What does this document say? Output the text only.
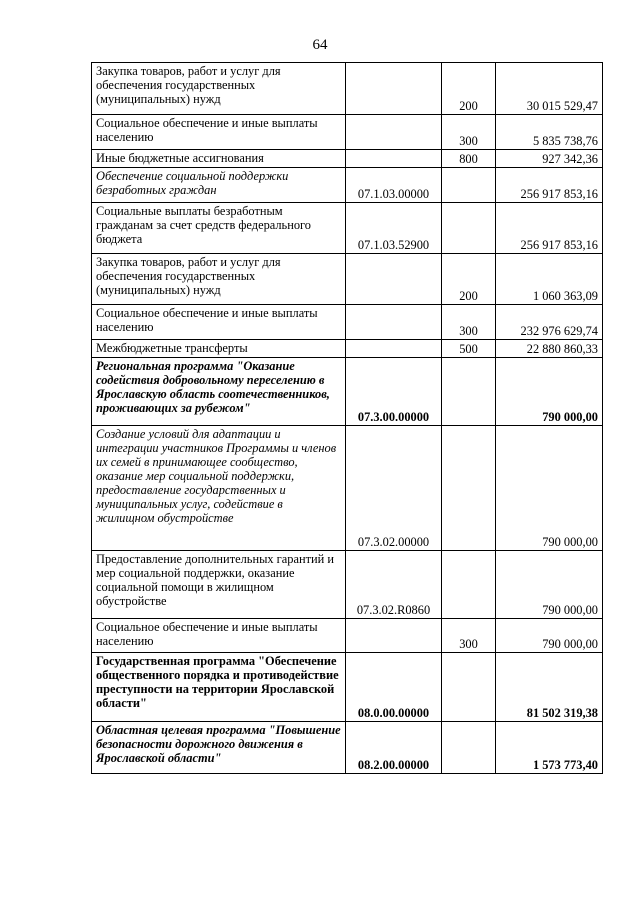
64
Закупка товаров, работ и услуг для обеспечения государственных (муниципальных) нужд		200	30 015 529,47
Социальное обеспечение и иные выплаты населению		300	5 835 738,76
Иные бюджетные ассигнования		800	927 342,36
Обеспечение социальной поддержки безработных граждан	07.1.03.00000		256 917 853,16
Социальные выплаты безработным гражданам за счет средств федерального бюджета	07.1.03.52900		256 917 853,16
Закупка товаров, работ и услуг для обеспечения государственных (муниципальных) нужд		200	1 060 363,09
Социальное обеспечение и иные выплаты населению		300	232 976 629,74
Межбюджетные трансферты		500	22 880 860,33
Региональная программа "Оказание содействия добровольному переселению в Ярославскую область соотечественников, проживающих за рубежом"	07.3.00.00000		790 000,00
Создание условий для адаптации и интеграции участников Программы и членов их семей в принимающее сообщество, оказание мер социальной поддержки, предоставление государственных и муниципальных услуг, содействие в жилищном обустройстве	07.3.02.00000		790 000,00
Предоставление дополнительных гарантий и мер социальной поддержки, оказание социальной помощи в жилищном обустройстве	07.3.02.R0860		790 000,00
Социальное обеспечение и иные выплаты населению		300	790 000,00
Государственная программа "Обеспечение общественного порядка и противодействие преступности на территории Ярославской области"	08.0.00.00000		81 502 319,38
Областная целевая программа "Повышение безопасности дорожного движения в Ярославской области"	08.2.00.00000		1 573 773,40
